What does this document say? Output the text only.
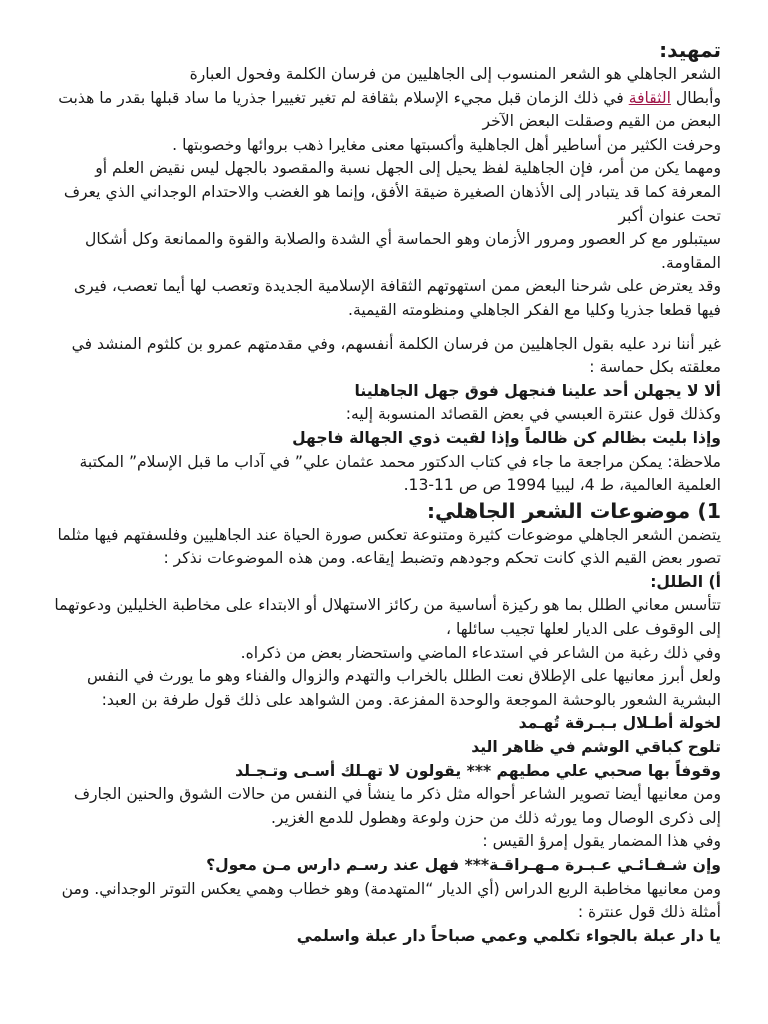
تمهيد:

الشعر الجاهلي هو الشعر المنسوب إلى الجاهليين من فرسان الكلمة وفحول العبارة

وأبطال الثقافة في ذلك الزمان قبل مجيء الإسلام بثقافة لم تغير تغييرا جذريا ما ساد قبلها بقدر ما هذبت البعض من القيم وصقلت البعض الآخر

وحرفت الكثير من أساطير أهل الجاهلية وأكسبتها معنى مغايرا ذهب بروائها وخصوبتها .

ومهما يكن من أمر، فإن الجاهلية لفظ يحيل إلى الجهل نسبة والمقصود بالجهل ليس نقيض العلم أو المعرفة كما قد يتبادر إلى الأذهان الصغيرة ضيقة الأفق، وإنما هو الغضب والاحتدام الوجداني الذي يعرف تحت عنوان أكبر

سيتبلور مع كر العصور ومرور الأزمان وهو الحماسة أي الشدة والصلابة والقوة والممانعة وكل أشكال المقاومة.

وقد يعترض على شرحنا البعض ممن استهوتهم الثقافة الإسلامية الجديدة وتعصب لها أيما تعصب، فيرى فيها قطعا جذريا وكليا مع الفكر الجاهلي ومنظومته القيمية.

غير أننا نرد عليه بقول الجاهليين من فرسان الكلمة أنفسهم، وفي مقدمتهم عمرو بن كلثوم المنشد في معلقته بكل حماسة :

ألا لا يجهلن أحد علينا فنجهل فوق جهل الجاهلينا

وكذلك قول عنترة العبسي في بعض القصائد المنسوبة إليه:

وإذا بليت بظالم كن ظالماً وإذا لقيت ذوي الجهالة فاجهل

ملاحظة: يمكن مراجعة ما جاء في كتاب الدكتور محمد عثمان علي” في آداب ما قبل الإسلام” المكتبة العلمية العالمية، ط 4، ليبيا 1994 ص ص 11-13.

1) موضوعات الشعر الجاهلي:

يتضمن الشعر الجاهلي موضوعات كثيرة ومتنوعة تعكس صورة الحياة عند الجاهليين وفلسفتهم فيها مثلما تصور بعض القيم الذي كانت تحكم وجودهم وتضبط إيقاعه. ومن هذه الموضوعات نذكر :

أ) الطلل:

تتأسس معاني الطلل بما هو ركيزة أساسية من ركائز الاستهلال أو الابتداء على مخاطبة الخليلين ودعوتهما إلى الوقوف على الديار لعلها تجيب سائلها ،

وفي ذلك رغبة من الشاعر في استدعاء الماضي واستحضار بعض من ذكراه.

ولعل أبرز معانيها على الإطلاق نعت الطلل بالخراب والتهدم والزوال والفناء وهو ما يورث في النفس البشرية الشعور بالوحشة الموجعة والوحدة المفزعة. ومن الشواهد على ذلك قول طرفة بن العبد:

لخولة أطـلال بـبـرقة تُهـمد

تلوح كباقي الوشم في ظاهر اليد

وقوفاً بها صحبي علي مطيهم *** يقولون لا تهـلك أسـى وتـجـلد

ومن معانيها أيضا تصوير الشاعر أحواله مثل ذكر ما ينشأ في النفس من حالات الشوق والحنين الجارف إلى ذكرى الوصال وما يورثه ذلك من حزن ولوعة وهطول للدمع الغزير.

وفي هذا المضمار يقول إمرؤ القيس :

وإن شـفـائـي عـبـرة مـهـراقـة*** فهل عند رسـم دارس مـن معول؟

ومن معانيها مخاطبة الربع الدراس (أي الديار “المتهدمة) وهو خطاب وهمي يعكس التوتر الوجداني. ومن أمثلة ذلك قول عنترة :

يا دار عبلة بالجواء تكلمي وعمي صباحاً دار عبلة واسلمي
